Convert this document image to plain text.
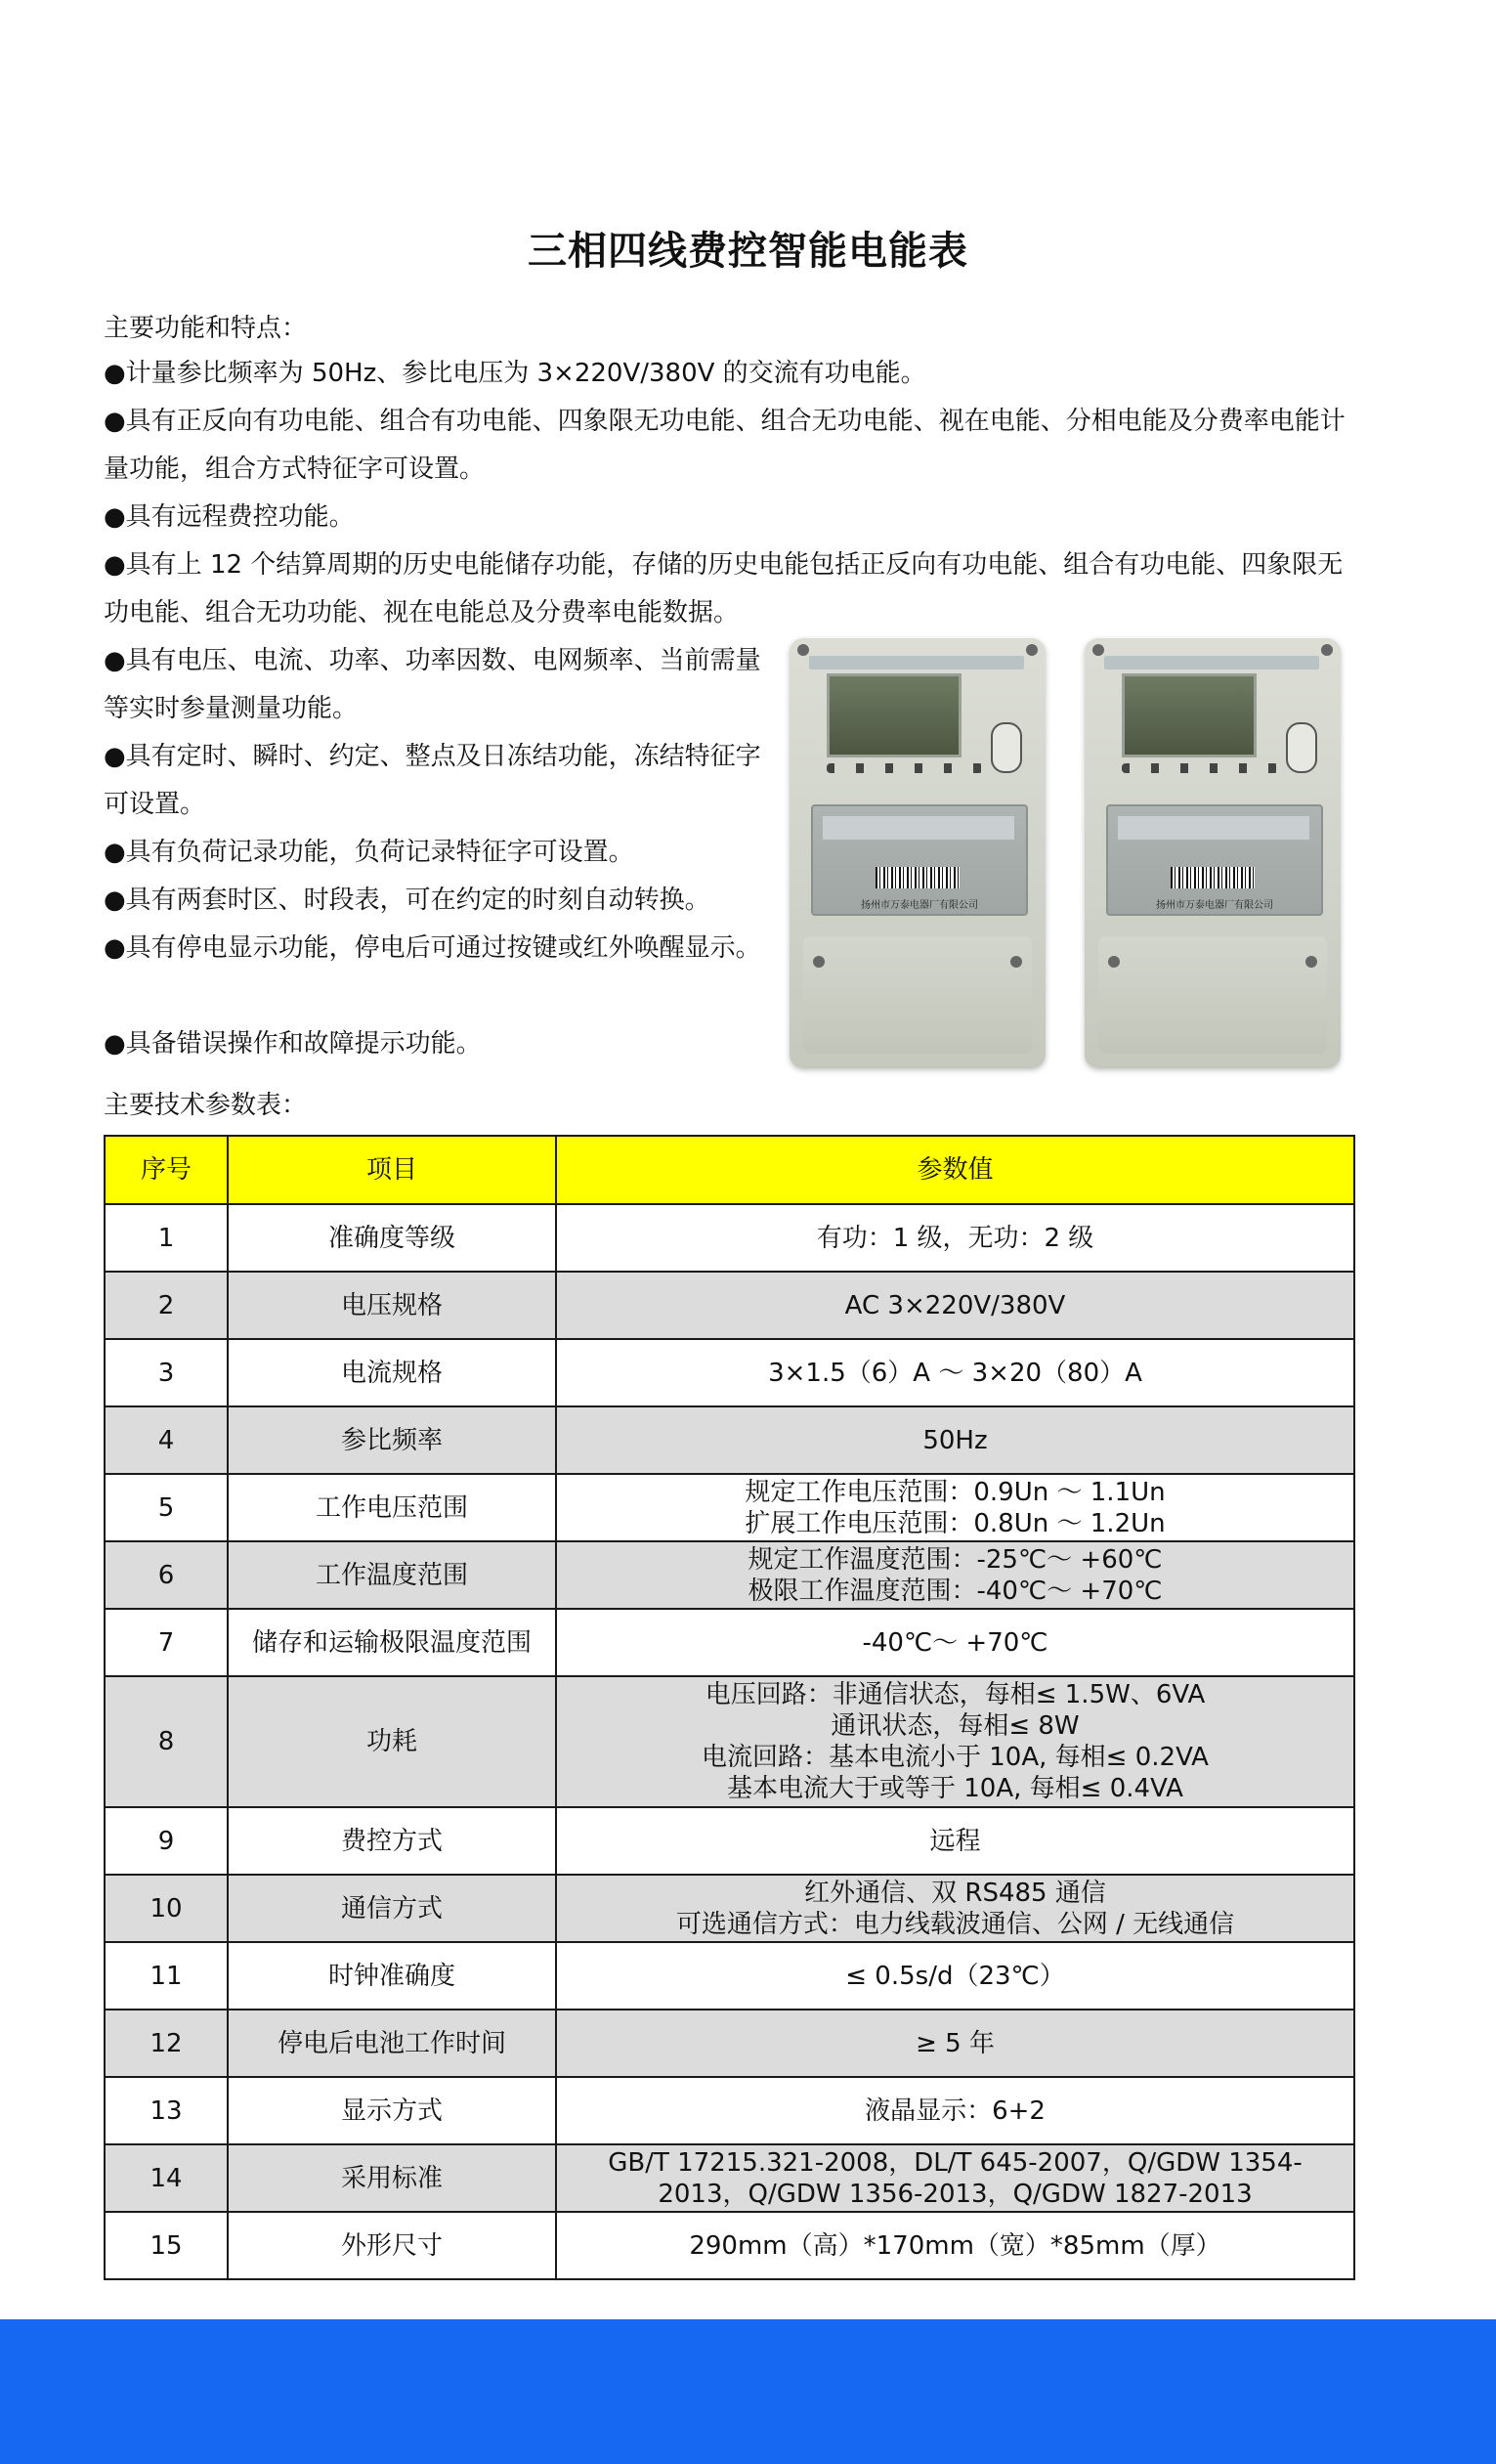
三相四线费控智能电能表
主要功能和特点：
●计量参比频率为 50Hz、参比电压为 3×220V/380V 的交流有功电能。
●具有正反向有功电能、组合有功电能、四象限无功电能、组合无功电能、视在电能、分相电能及分费率电能计量功能，组合方式特征字可设置。
●具有远程费控功能。
●具有上 12 个结算周期的历史电能储存功能，存储的历史电能包括正反向有功电能、组合有功电能、四象限无功电能、组合无功功能、视在电能总及分费率电能数据。
●具有电压、电流、功率、功率因数、电网频率、当前需量等实时参量测量功能。
●具有定时、瞬时、约定、整点及日冻结功能，冻结特征字可设置。
●具有负荷记录功能，负荷记录特征字可设置。
●具有两套时区、时段表，可在约定的时刻自动转换。
●具有停电显示功能，停电后可通过按键或红外唤醒显示。
●具备错误操作和故障提示功能。
扬州市万泰电器厂有限公司	扬州市万泰电器厂有限公司
主要技术参数表：
序号	项目	参数值
1	准确度等级	有功：1 级，无功：2 级

2	电压规格	AC 3×220V/380V

3	电流规格	3×1.5（6）A ～ 3×20（80）A

4	参比频率	50Hz

5	工作电压范围	规定工作电压范围：0.9Un ～ 1.1Un
扩展工作电压范围：0.8Un ～ 1.2Un

6	工作温度范围	规定工作温度范围：-25℃～ +60℃
极限工作温度范围：-40℃～ +70℃

7	储存和运输极限温度范围	-40℃～ +70℃

8	功耗	电压回路：非通信状态，每相≤ 1.5W、6VA
通讯状态，每相≤ 8W
电流回路：基本电流小于 10A, 每相≤ 0.2VA
基本电流大于或等于 10A, 每相≤ 0.4VA

9	费控方式	远程

10	通信方式	红外通信、双 RS485 通信
可选通信方式：电力线载波通信、公网 / 无线通信

11	时钟准确度	≤ 0.5s/d（23℃）

12	停电后电池工作时间	≥ 5 年

13	显示方式	液晶显示：6+2

14	采用标准	GB/T 17215.321-2008，DL/T 645-2007，Q/GDW 1354-
2013，Q/GDW 1356-2013，Q/GDW 1827-2013

15	外形尺寸	290mm（高）*170mm（宽）*85mm（厚）
